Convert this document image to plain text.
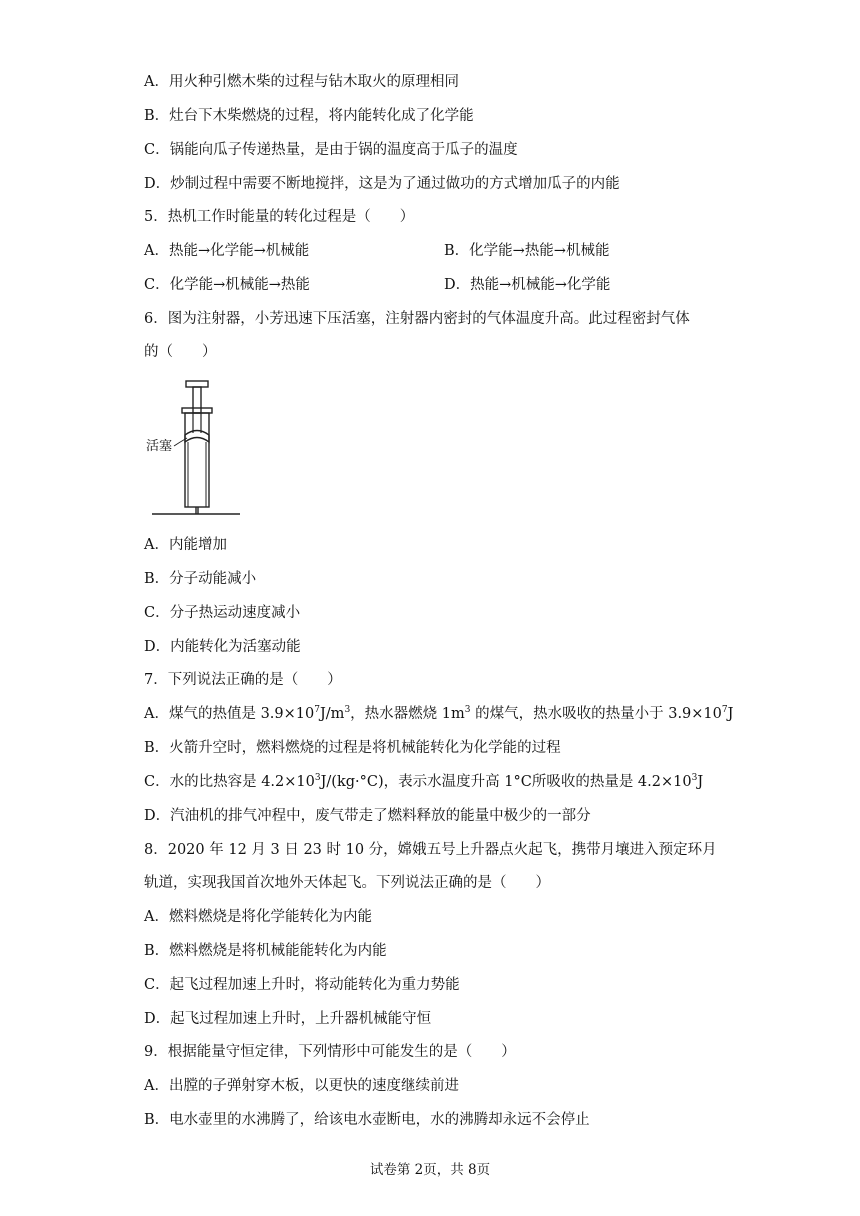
A．用火种引燃木柴的过程与钻木取火的原理相同
B．灶台下木柴燃烧的过程，将内能转化成了化学能
C．锅能向瓜子传递热量，是由于锅的温度高于瓜子的温度
D．炒制过程中需要不断地搅拌，这是为了通过做功的方式增加瓜子的内能
5．热机工作时能量的转化过程是（　　）
A．热能→化学能→机械能	B．化学能→热能→机械能
C．化学能→机械能→热能	D．热能→机械能→化学能
6．图为注射器，小芳迅速下压活塞，注射器内密封的气体温度升高。此过程密封气体
的（　　）
活塞
A．内能增加
B．分子动能减小
C．分子热运动速度减小
D．内能转化为活塞动能
7．下列说法正确的是（　　）
A．煤气的热值是 $3.9\times 10^7J/m^3$，热水器燃烧 $1m^3$ 的煤气，热水吸收的热量小于 $3.9\times 10^7J$
B．火箭升空时，燃料燃烧的过程是将机械能转化为化学能的过程
C．水的比热容是 $4.2\times 10^3J/(kg\cdot^\circ C)$，表示水温度升高 1°C所吸收的热量是 $4.2\times 10^3J$
D．汽油机的排气冲程中，废气带走了燃料释放的能量中极少的一部分
8．2020 年 12 月 3 日 23 时 10 分，嫦娥五号上升器点火起飞，携带月壤进入预定环月
轨道，实现我国首次地外天体起飞。下列说法正确的是（　　）
A．燃料燃烧是将化学能转化为内能
B．燃料燃烧是将机械能能转化为内能
C．起飞过程加速上升时，将动能转化为重力势能
D．起飞过程加速上升时，上升器机械能守恒
9．根据能量守恒定律，下列情形中可能发生的是（　　）
A．出膛的子弹射穿木板，以更快的速度继续前进
B．电水壶里的水沸腾了，给该电水壶断电，水的沸腾却永远不会停止
试卷第 2页，共 8页
